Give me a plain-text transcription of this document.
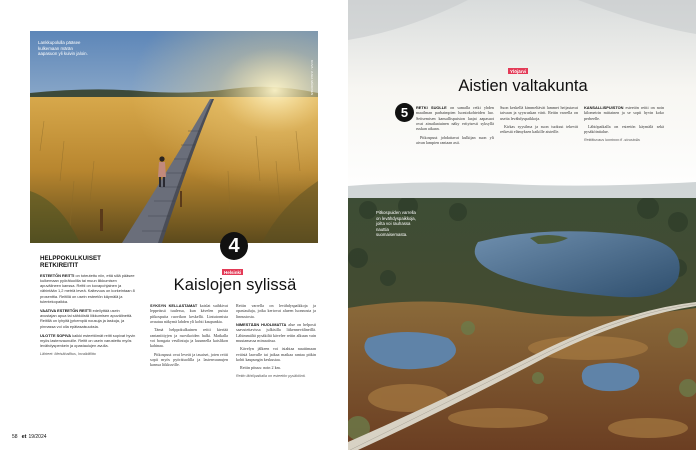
Lankkupolulla pääsee kulkemaan märän aapasuon yli kuivin jaloin.
KUVA: JUHA MÄKINEN
4
HELPPOKULKUISET RETKIREITIT
ESTEETÖN REITTI on toteutettu niin, että sillä pääsee kulkemaan pyörätuolilla tai muun liikkumisen apuvälineen kanssa. Reitti on kovapohjainen ja vähintään 1,2 metriä leveä. Kaltevuus on korkeintaan 8 prosenttia. Reitillä on usein esteetön käymälä ja tulentekopaikka.
VAATIVA ESTEETÖN REITTI edellyttää usein avustajan apua tai sähköistä liikkumisen apuvälinettä. Reitillä on lyhyitä jyrkempiä nousuja ja laskuja, ja pinnassa voi olla epätasaisuuksia.
ULOTTE SOPIVA kaikki esteettömät reitit sopivat hyvin myös lastenvaunuille. Reitit on usein varustettu myös levähdyspenkein ja opastaulujen avulla.
Lähteet: Metsähallitus, Invalidiliitto
Helsinki
Kaislojen sylissä

SYKSYN KELLASTAMAT kaislat suihkivat leppeässä tuulessa, kun kävelen puisia pitkospuita ruovikon keskellä. Lintutornista avautuu näkymä lahden yli kohti kaupunkia.

Tämä helppokulkuinen reitti kiertää rantaniittyjen ja ruovikoiden halki. Matkalla voi bongata vesilintuja ja kuunnella kaislikon kahinaa.

Pitkospuut ovat leveät ja tasaiset, joten reitti sopii myös pyörätuolilla ja lastenvaunujen kanssa liikkuville.

Reitin varrella on levähdyspaikkoja ja opastauluja, jotka kertovat alueen luonnosta ja linnustosta.

NIMESTÄÄN HUOLIMATTA alue on helposti saavutettavissa julkisilla liikennevälineillä. Lähimmältä pysäkiltä kävelee reitin alkuun vain muutamassa minuutissa.

Kävelyn jälkeen voi istahtaa nauttimaan eväistä laavulle tai jatkaa matkaa rantaa pitkin kohti kaupungin keskustaa.

Reitin pituus: noin 2 km.

Reitin lähtöpaikalla on esteetön pysäköinti.

58 et 19/2024
Ylöjärvi
Aistien valtakunta
5	RETKI SUOLLE on samalla retki yhden maailman parhaimpien luontokohteiden luo. Seitsemisen kansallispuiston laajat aapasuot ovat ainutlaatuinen näky erityisesti syksyllä ruskan aikaan.

Pitkospuut johdattavat kulkijan suon yli aivan lampien rantaan asti.

Suon keskellä kimmeltävät lammet heijastavat taivaan ja syysruskan värit. Reitin varrella on useita levähdyspaikkoja.

Kirkas syysilma ja suon tuoksut tekevät retkestä elämyksen kaikille aisteille.

KANSALLISPUISTON esteetön reitti on noin kilometrin mittainen ja se sopii hyvin koko perheelle.

Lähtöpaikalla on esteetön käymälä sekä pysäköintialue.

Reittikuvaus luontoon.fi -sivustolla.

Pitkospuiden varrella on levähdyspaikkoja, joilta voi rauhassa nauttia suomaisemasta.
